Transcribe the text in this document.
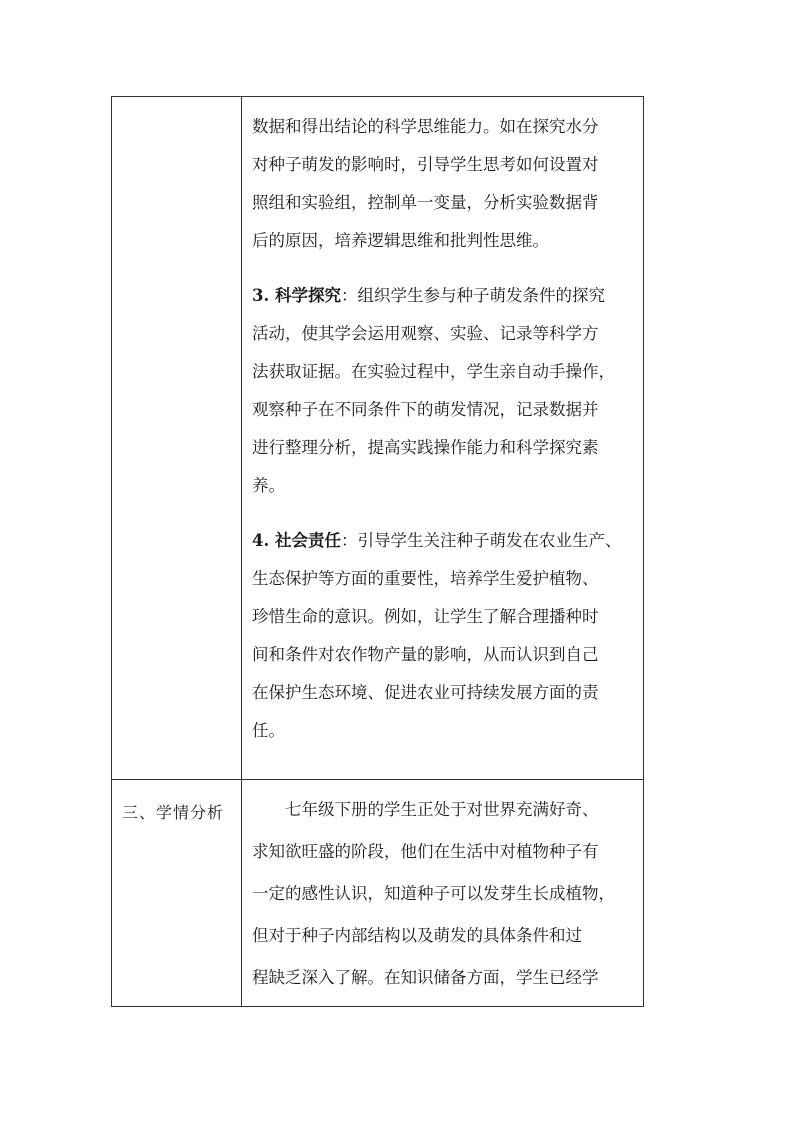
数据和得出结论的科学思维能力。如在探究水分
对种子萌发的影响时，引导学生思考如何设置对
照组和实验组，控制单一变量，分析实验数据背
后的原因，培养逻辑思维和批判性思维。
3. 科学探究：组织学生参与种子萌发条件的探究
活动，使其学会运用观察、实验、记录等科学方
法获取证据。在实验过程中，学生亲自动手操作，
观察种子在不同条件下的萌发情况，记录数据并
进行整理分析，提高实践操作能力和科学探究素
养。
4. 社会责任：引导学生关注种子萌发在农业生产、
生态保护等方面的重要性，培养学生爱护植物、
珍惜生命的意识。例如，让学生了解合理播种时
间和条件对农作物产量的影响，从而认识到自己
在保护生态环境、促进农业可持续发展方面的责
任。
三、学情分析 　　七年级下册的学生正处于对世界充满好奇、
求知欲旺盛的阶段，他们在生活中对植物种子有
一定的感性认识，知道种子可以发芽生长成植物，
但对于种子内部结构以及萌发的具体条件和过
程缺乏深入了解。在知识储备方面，学生已经学
